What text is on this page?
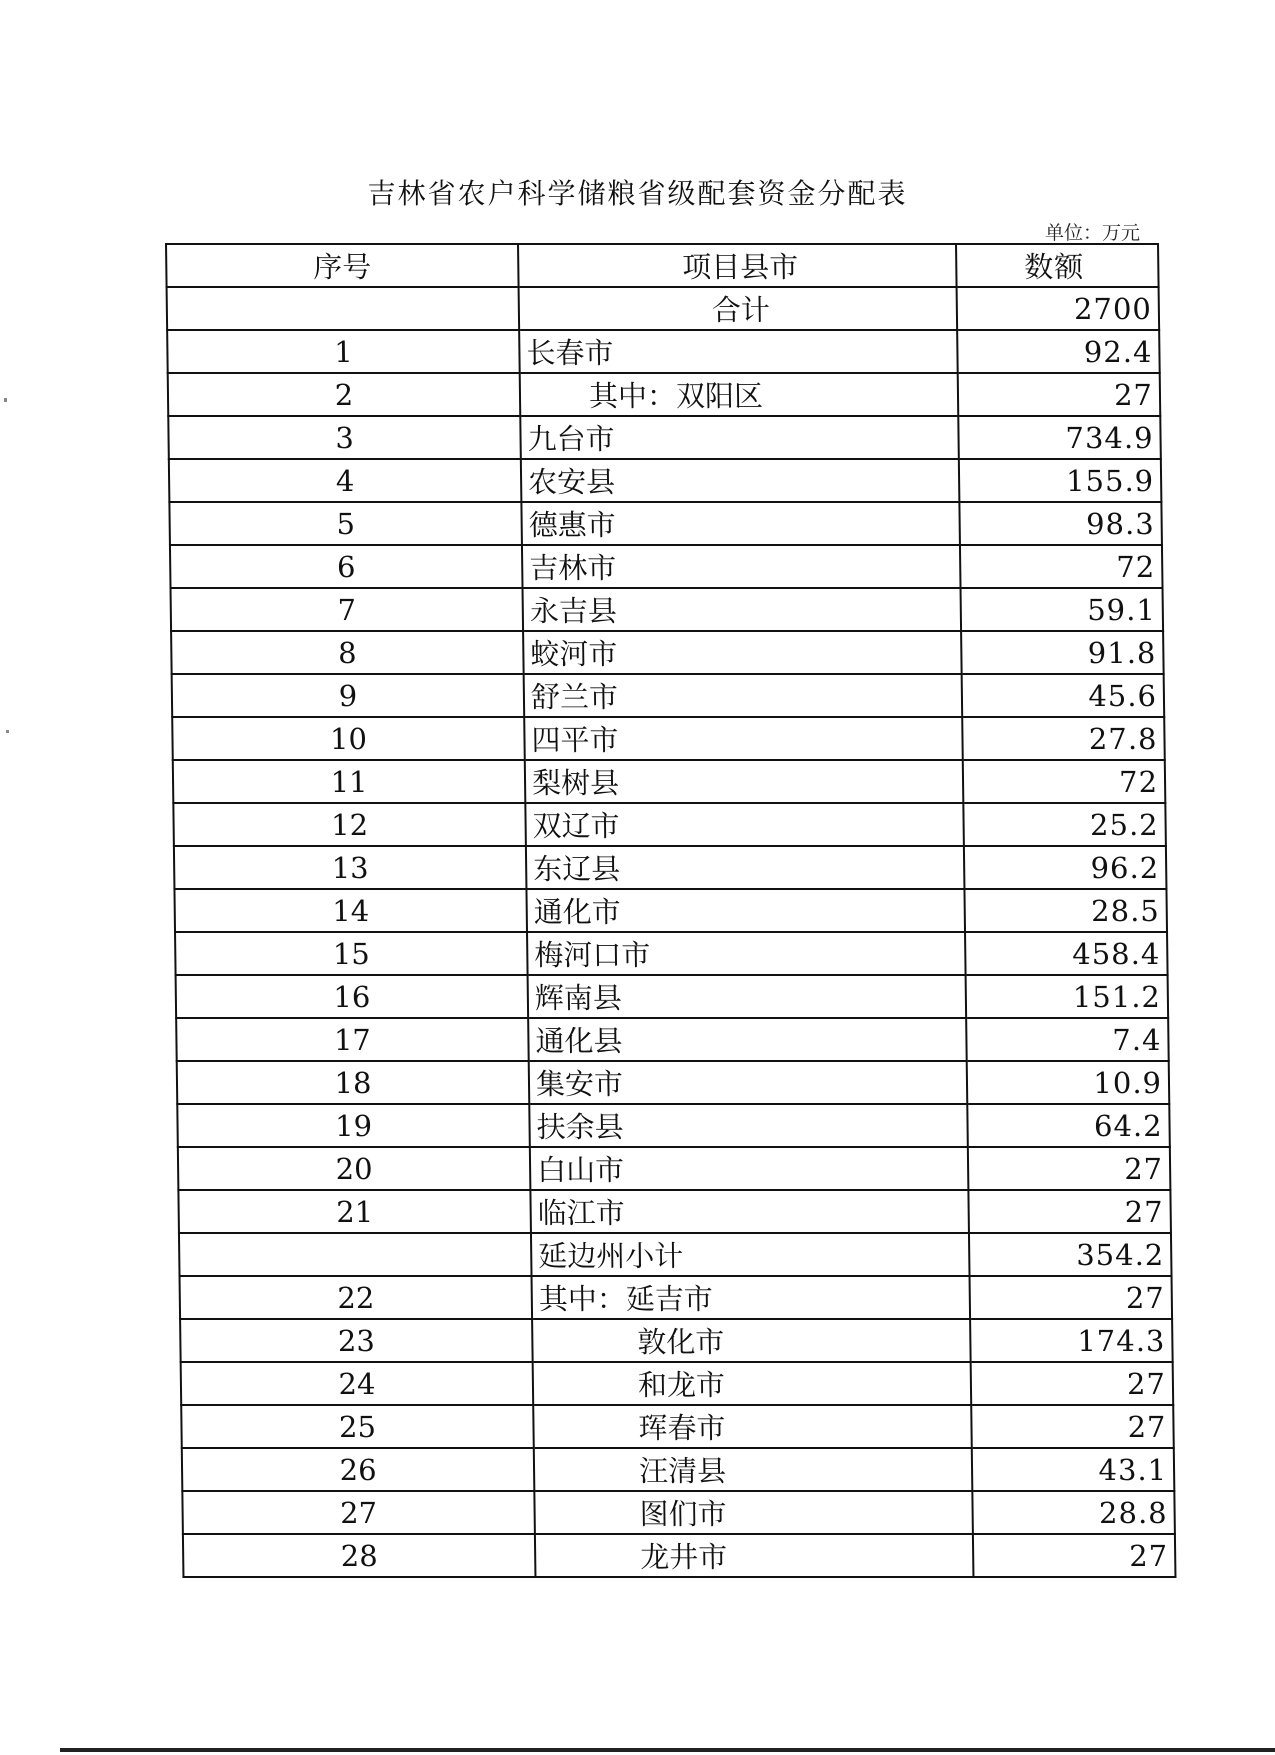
吉林省农户科学储粮省级配套资金分配表
单位：万元
序号	项目县市	数额
	合计	2700
1	长春市	92.4
2	其中：双阳区	27
3	九台市	734.9
4	农安县	155.9
5	德惠市	98.3
6	吉林市	72
7	永吉县	59.1
8	蛟河市	91.8
9	舒兰市	45.6
10	四平市	27.8
11	梨树县	72
12	双辽市	25.2
13	东辽县	96.2
14	通化市	28.5
15	梅河口市	458.4
16	辉南县	151.2
17	通化县	7.4
18	集安市	10.9
19	扶余县	64.2
20	白山市	27
21	临江市	27
	延边州小计	354.2
22	其中：延吉市	27
23	敦化市	174.3
24	和龙市	27
25	珲春市	27
26	汪清县	43.1
27	图们市	28.8
28	龙井市	27
